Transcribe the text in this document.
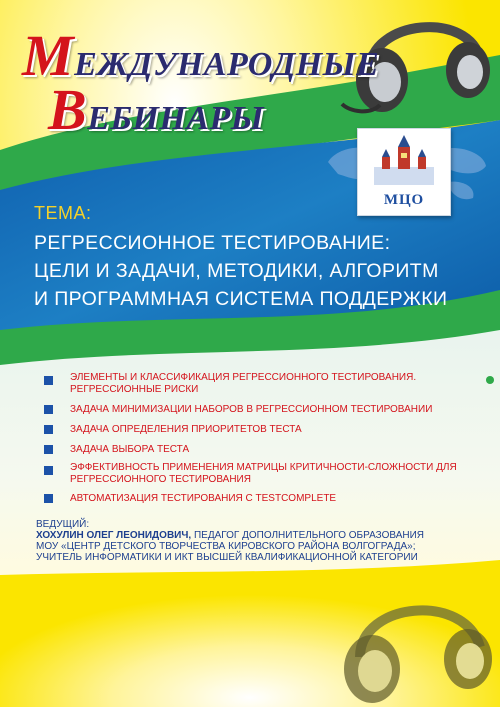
МЕЖДУНАРОДНЫЕ
ВЕБИНАРЫ
МЦО
ТЕМА:
РЕГРЕССИОННОЕ ТЕСТИРОВАНИЕ:
ЦЕЛИ И ЗАДАЧИ, МЕТОДИКИ, АЛГОРИТМ
И ПРОГРАММНАЯ СИСТЕМА ПОДДЕРЖКИ
ЭЛЕМЕНТЫ И КЛАССИФИКАЦИЯ РЕГРЕССИОННОГО ТЕСТИРОВАНИЯ. РЕГРЕССИОННЫЕ РИСКИ
ЗАДАЧА МИНИМИЗАЦИИ НАБОРОВ В РЕГРЕССИОННОМ ТЕСТИРОВАНИИ
ЗАДАЧА ОПРЕДЕЛЕНИЯ ПРИОРИТЕТОВ ТЕСТА
ЗАДАЧА ВЫБОРА ТЕСТА
ЭФФЕКТИВНОСТЬ ПРИМЕНЕНИЯ МАТРИЦЫ КРИТИЧНОСТИ-СЛОЖНОСТИ ДЛЯ РЕГРЕССИОННОГО ТЕСТИРОВАНИЯ
АВТОМАТИЗАЦИЯ ТЕСТИРОВАНИЯ С TESTCOMPLETE
ВЕДУЩИЙ:
ХОХУЛИН ОЛЕГ ЛЕОНИДОВИЧ, ПЕДАГОГ ДОПОЛНИТЕЛЬНОГО ОБРАЗОВАНИЯ
МОУ «ЦЕНТР ДЕТСКОГО ТВОРЧЕСТВА КИРОВСКОГО РАЙОНА ВОЛГОГРАДА»;
УЧИТЕЛЬ ИНФОРМАТИКИ И ИКТ ВЫСШЕЙ КВАЛИФИКАЦИОННОЙ КАТЕГОРИИ
